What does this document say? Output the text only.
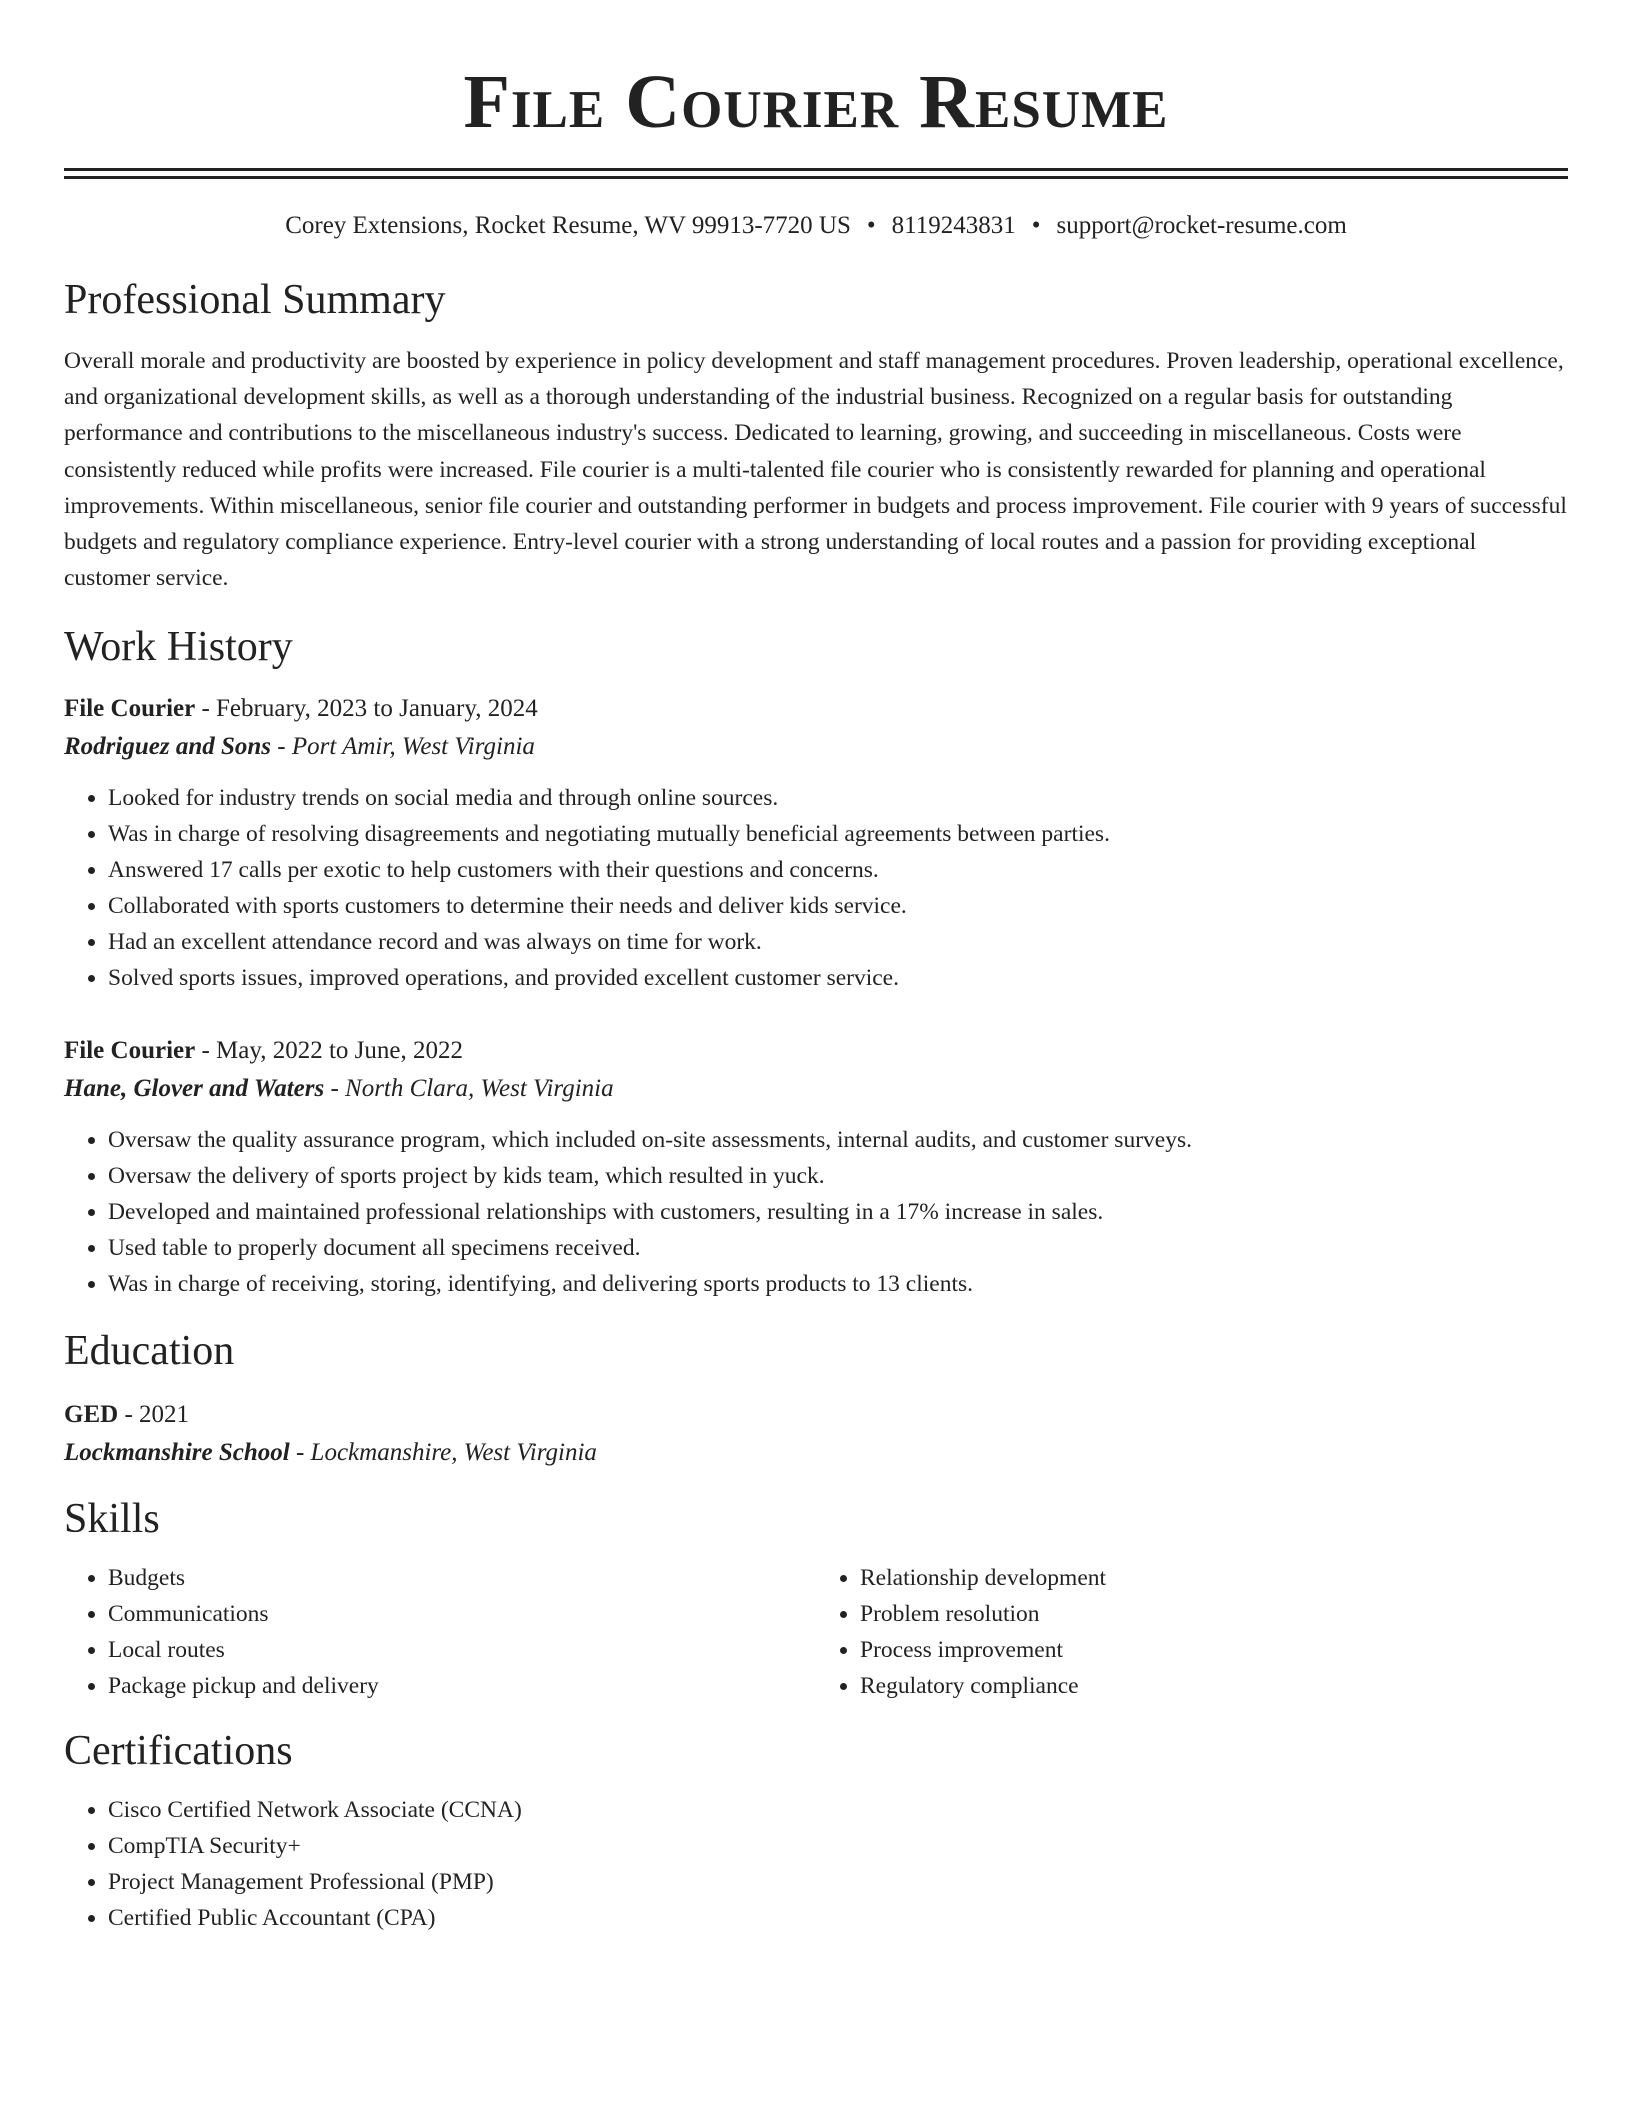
File Courier Resume
Corey Extensions, Rocket Resume, WV 99913-7720 US • 8119243831 • support@rocket-resume.com
Professional Summary

Overall morale and productivity are boosted by experience in policy development and staff management procedures. Proven leadership, operational excellence, and organizational development skills, as well as a thorough understanding of the industrial business. Recognized on a regular basis for outstanding performance and contributions to the miscellaneous industry's success. Dedicated to learning, growing, and succeeding in miscellaneous. Costs were consistently reduced while profits were increased. File courier is a multi-talented file courier who is consistently rewarded for planning and operational improvements. Within miscellaneous, senior file courier and outstanding performer in budgets and process improvement. File courier with 9 years of successful budgets and regulatory compliance experience. Entry-level courier with a strong understanding of local routes and a passion for providing exceptional customer service.

Work History
File Courier - February, 2023 to January, 2024
Rodriguez and Sons - Port Amir, West Virginia
• Looked for industry trends on social media and through online sources.
• Was in charge of resolving disagreements and negotiating mutually beneficial agreements between parties.
• Answered 17 calls per exotic to help customers with their questions and concerns.
• Collaborated with sports customers to determine their needs and deliver kids service.
• Had an excellent attendance record and was always on time for work.
• Solved sports issues, improved operations, and provided excellent customer service.
File Courier - May, 2022 to June, 2022
Hane, Glover and Waters - North Clara, West Virginia
• Oversaw the quality assurance program, which included on-site assessments, internal audits, and customer surveys.
• Oversaw the delivery of sports project by kids team, which resulted in yuck.
• Developed and maintained professional relationships with customers, resulting in a 17% increase in sales.
• Used table to properly document all specimens received.
• Was in charge of receiving, storing, identifying, and delivering sports products to 13 clients.
Education
GED - 2021
Lockmanshire School - Lockmanshire, West Virginia
Skills
• Budgets
• Communications
• Local routes
• Package pickup and delivery
• Relationship development
• Problem resolution
• Process improvement
• Regulatory compliance
Certifications
• Cisco Certified Network Associate (CCNA)
• CompTIA Security+
• Project Management Professional (PMP)
• Certified Public Accountant (CPA)
